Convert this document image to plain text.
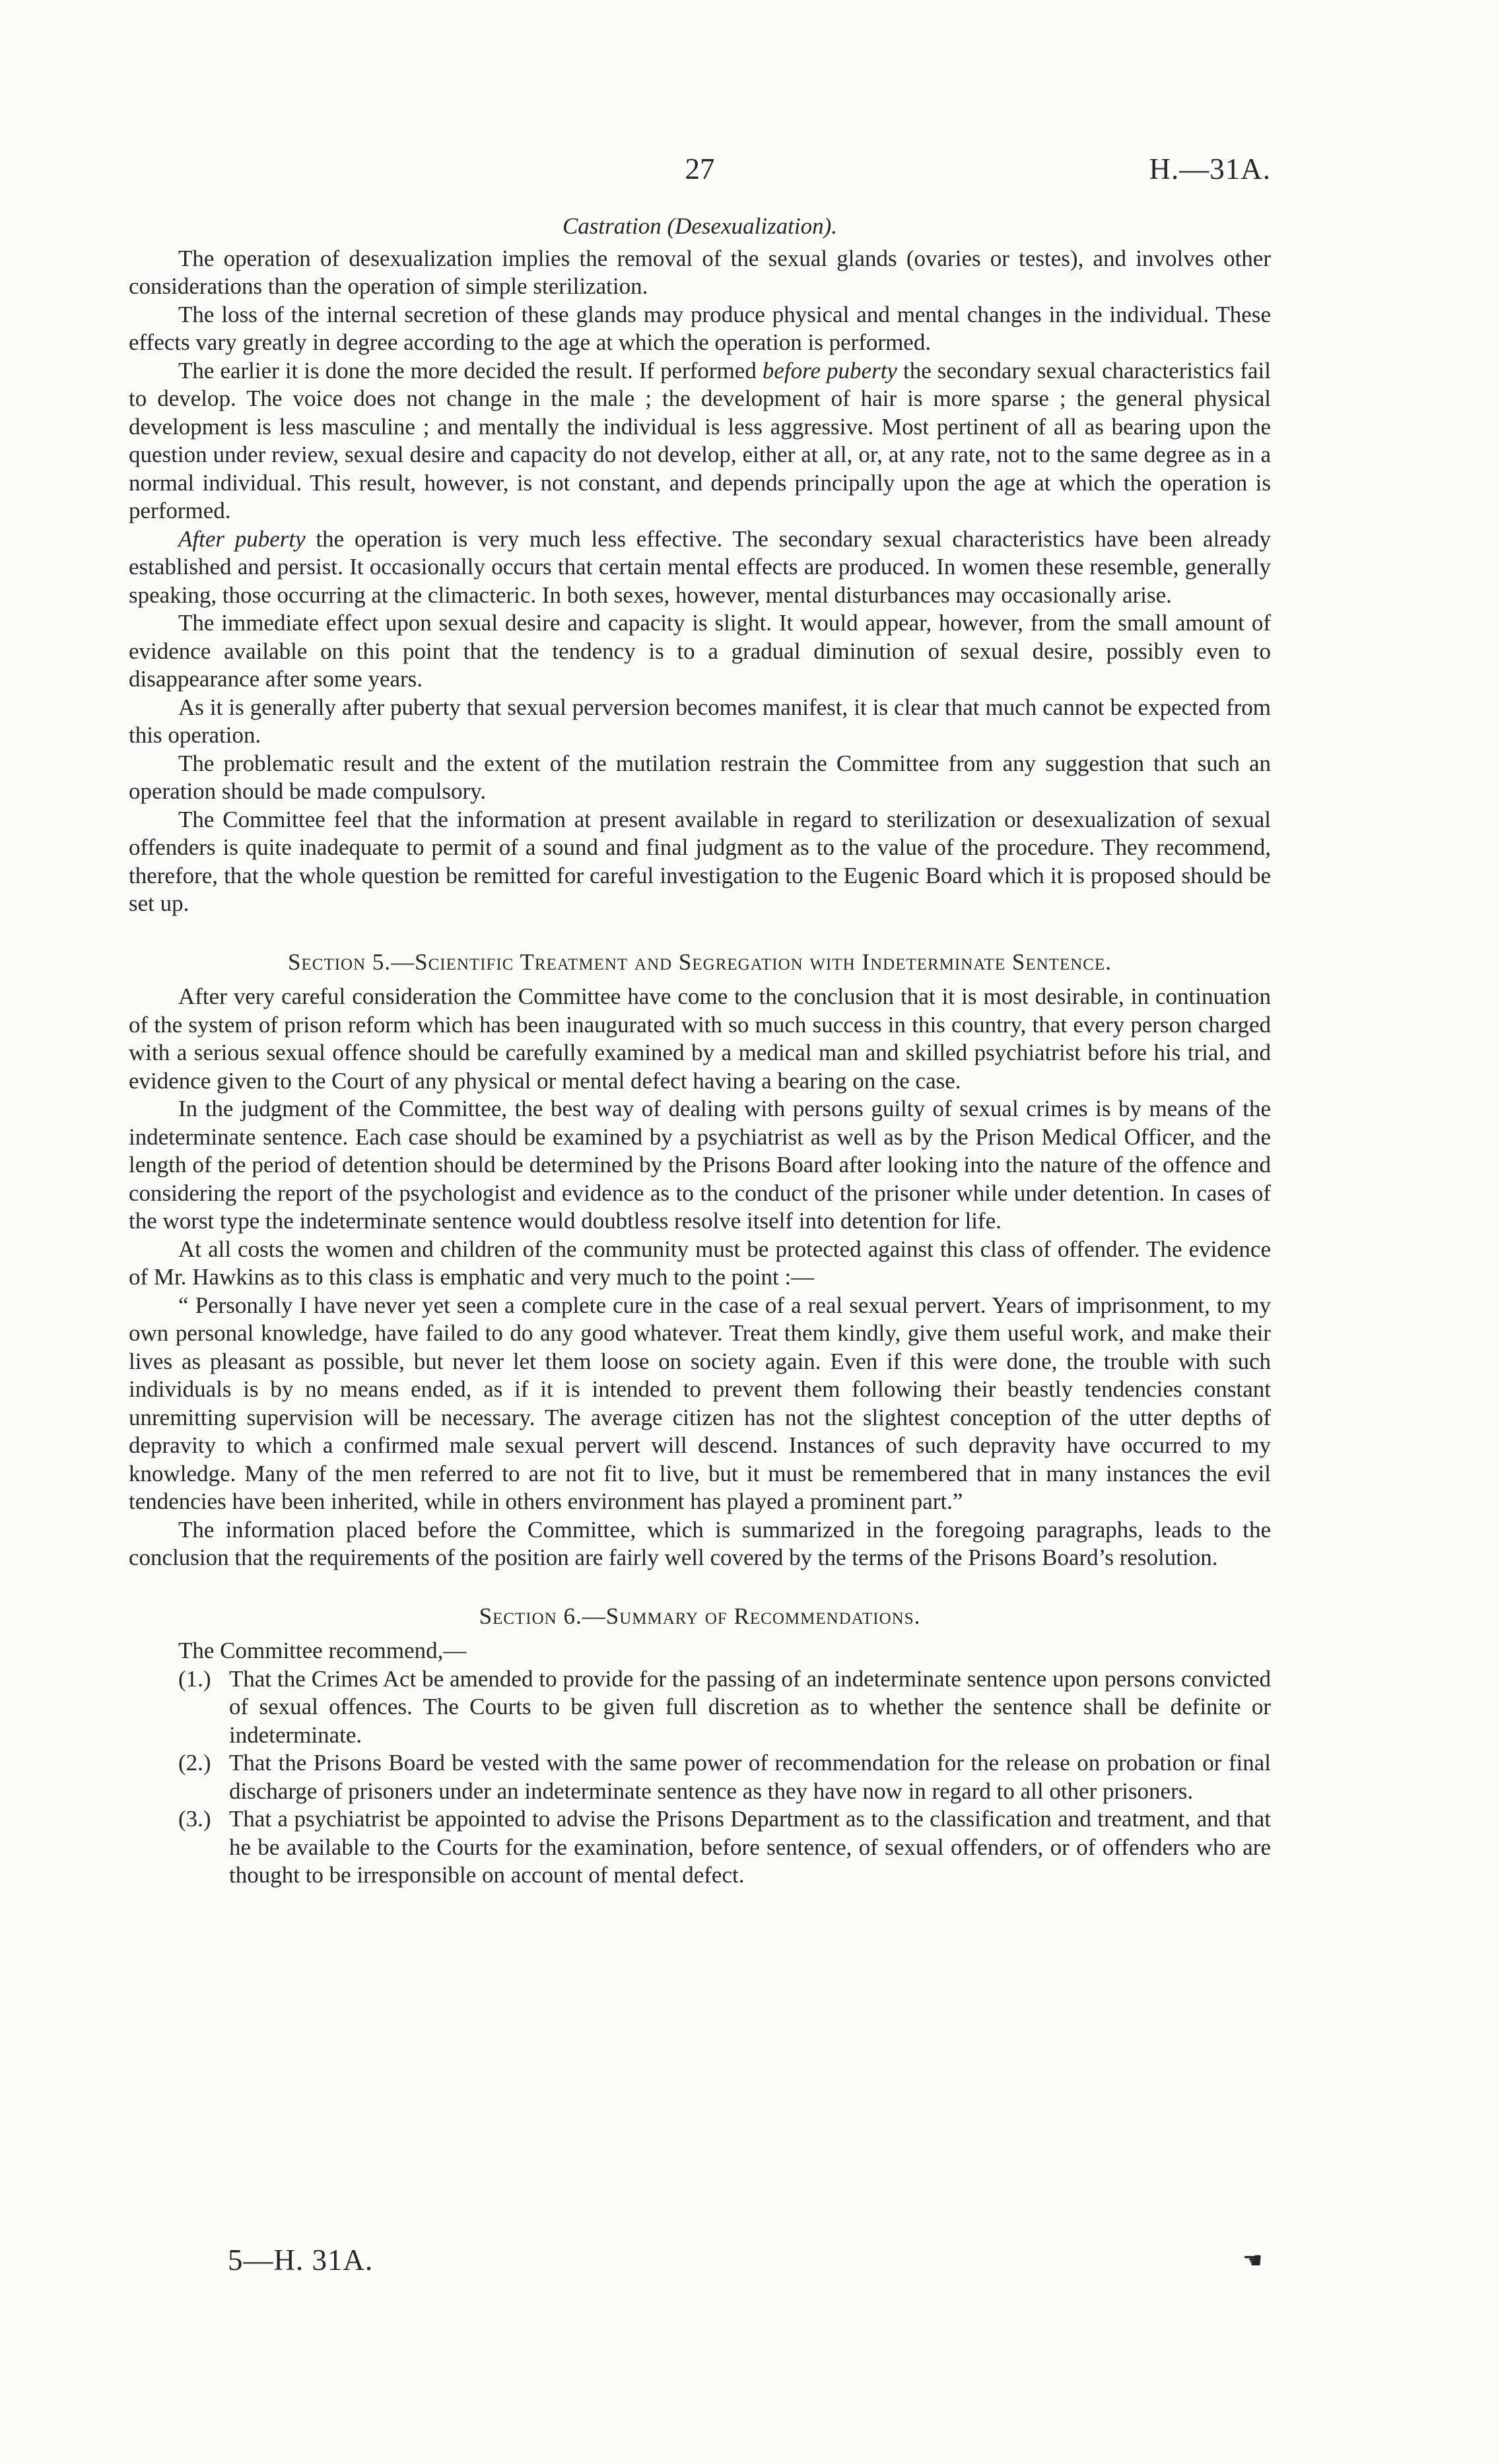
27	H.—31A.
Castration (Desexualization).

The operation of desexualization implies the removal of the sexual glands (ovaries or testes), and involves other considerations than the operation of simple sterilization.

The loss of the internal secretion of these glands may produce physical and mental changes in the individual. These effects vary greatly in degree according to the age at which the operation is performed.

The earlier it is done the more decided the result. If performed before puberty the secondary sexual characteristics fail to develop. The voice does not change in the male ; the development of hair is more sparse ; the general physical development is less masculine ; and mentally the individual is less aggressive. Most pertinent of all as bearing upon the question under review, sexual desire and capacity do not develop, either at all, or, at any rate, not to the same degree as in a normal individual. This result, however, is not constant, and depends principally upon the age at which the operation is performed.

After puberty the operation is very much less effective. The secondary sexual characteristics have been already established and persist. It occasionally occurs that certain mental effects are produced. In women these resemble, generally speaking, those occurring at the climacteric. In both sexes, however, mental disturbances may occasionally arise.

The immediate effect upon sexual desire and capacity is slight. It would appear, however, from the small amount of evidence available on this point that the tendency is to a gradual diminution of sexual desire, possibly even to disappearance after some years.

As it is generally after puberty that sexual perversion becomes manifest, it is clear that much cannot be expected from this operation.

The problematic result and the extent of the mutilation restrain the Committee from any suggestion that such an operation should be made compulsory.

The Committee feel that the information at present available in regard to sterilization or desexualization of sexual offenders is quite inadequate to permit of a sound and final judgment as to the value of the procedure. They recommend, therefore, that the whole question be remitted for careful investigation to the Eugenic Board which it is proposed should be set up.

Section 5.—Scientific Treatment and Segregation with Indeterminate Sentence.

After very careful consideration the Committee have come to the conclusion that it is most desirable, in continuation of the system of prison reform which has been inaugurated with so much success in this country, that every person charged with a serious sexual offence should be carefully examined by a medical man and skilled psychiatrist before his trial, and evidence given to the Court of any physical or mental defect having a bearing on the case.

In the judgment of the Committee, the best way of dealing with persons guilty of sexual crimes is by means of the indeterminate sentence. Each case should be examined by a psychiatrist as well as by the Prison Medical Officer, and the length of the period of detention should be determined by the Prisons Board after looking into the nature of the offence and considering the report of the psychologist and evidence as to the conduct of the prisoner while under detention. In cases of the worst type the indeterminate sentence would doubtless resolve itself into detention for life.

At all costs the women and children of the community must be protected against this class of offender. The evidence of Mr. Hawkins as to this class is emphatic and very much to the point :—

“ Personally I have never yet seen a complete cure in the case of a real sexual pervert. Years of imprisonment, to my own personal knowledge, have failed to do any good whatever. Treat them kindly, give them useful work, and make their lives as pleasant as possible, but never let them loose on society again. Even if this were done, the trouble with such individuals is by no means ended, as if it is intended to prevent them following their beastly tendencies constant unremitting supervision will be necessary. The average citizen has not the slightest conception of the utter depths of depravity to which a confirmed male sexual pervert will descend. Instances of such depravity have occurred to my knowledge. Many of the men referred to are not fit to live, but it must be remembered that in many instances the evil tendencies have been inherited, while in others environment has played a prominent part.”

The information placed before the Committee, which is summarized in the foregoing paragraphs, leads to the conclusion that the requirements of the position are fairly well covered by the terms of the Prisons Board’s resolution.

Section 6.—Summary of Recommendations.
The Committee recommend,—
(1.) That the Crimes Act be amended to provide for the passing of an indeterminate sentence upon persons convicted of sexual offences. The Courts to be given full discretion as to whether the sentence shall be definite or indeterminate.
(2.) That the Prisons Board be vested with the same power of recommendation for the release on probation or final discharge of prisoners under an indeterminate sentence as they have now in regard to all other prisoners.
(3.) That a psychiatrist be appointed to advise the Prisons Department as to the classification and treatment, and that he be available to the Courts for the examination, before sentence, of sexual offenders, or of offenders who are thought to be irresponsible on account of mental defect.
5—H. 31A.	☚
